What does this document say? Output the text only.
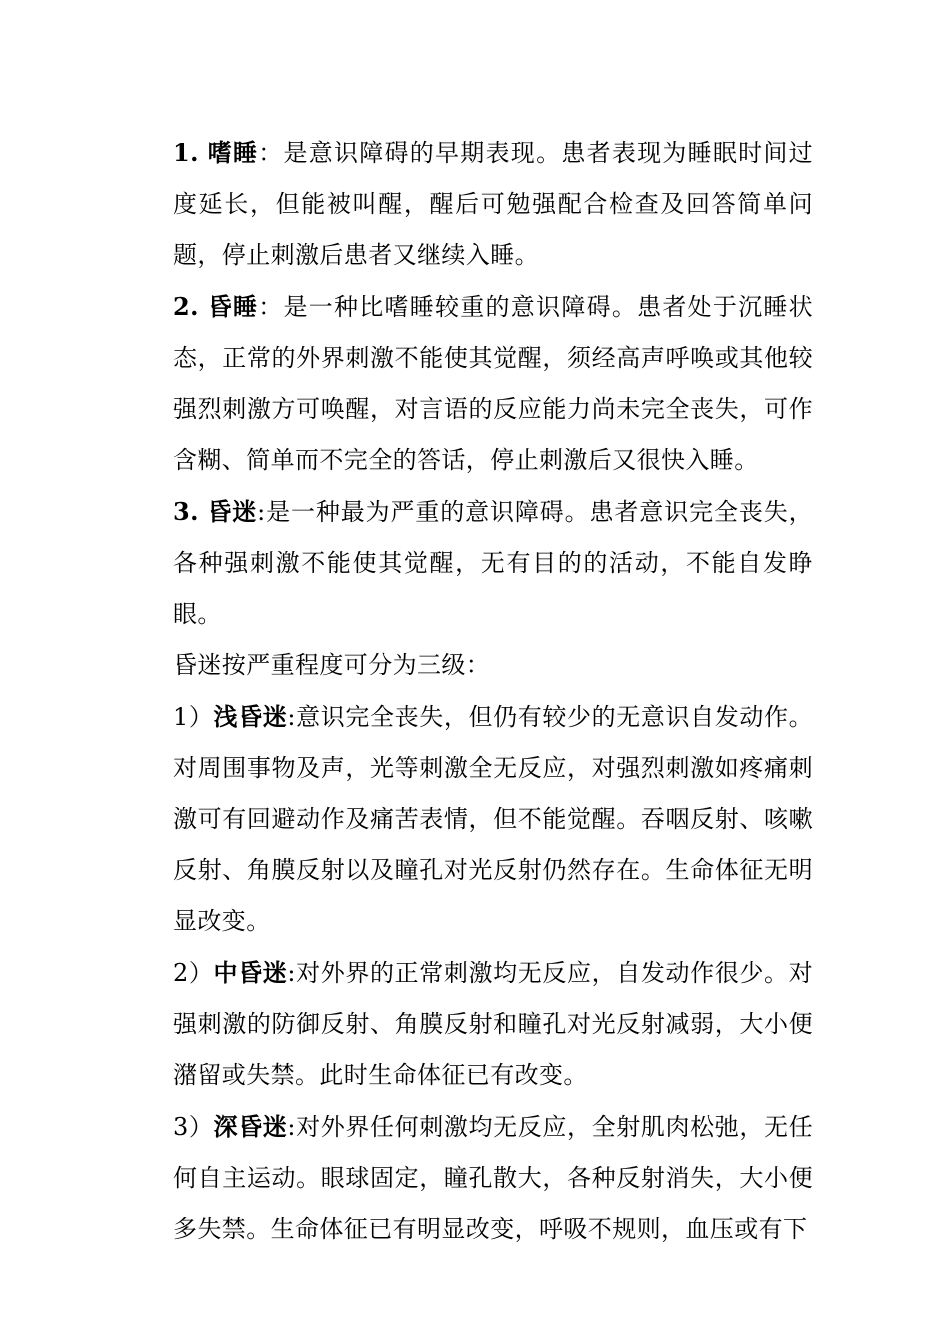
1. 嗜睡：是意识障碍的早期表现。患者表现为睡眠时间过度延长，但能被叫醒，醒后可勉强配合检查及回答简单问题，停止刺激后患者又继续入睡。

2. 昏睡：是一种比嗜睡较重的意识障碍。患者处于沉睡状态，正常的外界刺激不能使其觉醒，须经高声呼唤或其他较强烈刺激方可唤醒，对言语的反应能力尚未完全丧失，可作含糊、简单而不完全的答话，停止刺激后又很快入睡。

3. 昏迷:是一种最为严重的意识障碍。患者意识完全丧失，各种强刺激不能使其觉醒，无有目的的活动，不能自发睁眼。

昏迷按严重程度可分为三级：

1）浅昏迷:意识完全丧失，但仍有较少的无意识自发动作。对周围事物及声，光等刺激全无反应，对强烈刺激如疼痛刺激可有回避动作及痛苦表情，但不能觉醒。吞咽反射、咳嗽反射、角膜反射以及瞳孔对光反射仍然存在。生命体征无明显改变。

2）中昏迷:对外界的正常刺激均无反应，自发动作很少。对强刺激的防御反射、角膜反射和瞳孔对光反射减弱，大小便潴留或失禁。此时生命体征已有改变。

3）深昏迷:对外界任何刺激均无反应，全射肌肉松弛，无任何自主运动。眼球固定，瞳孔散大，各种反射消失，大小便多失禁。生命体征已有明显改变，呼吸不规则，血压或有下
